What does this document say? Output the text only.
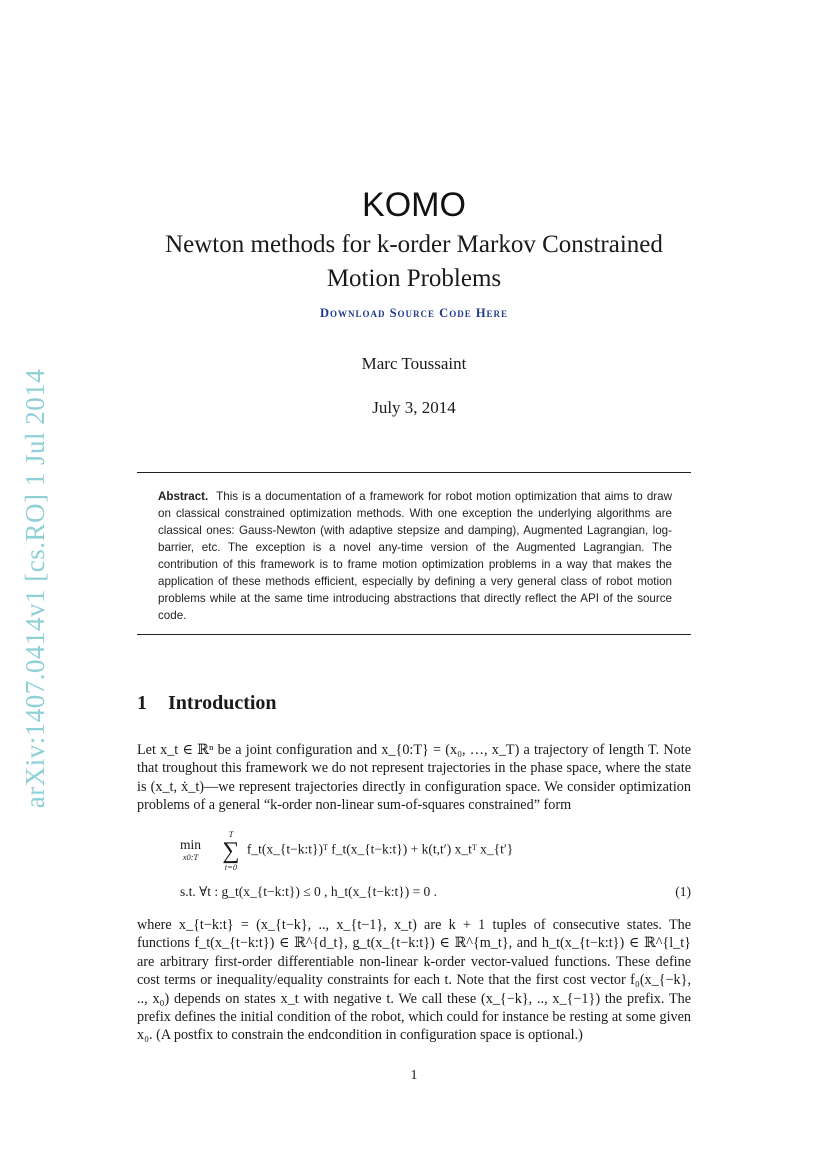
arXiv:1407.0414v1 [cs.RO] 1 Jul 2014
KOMO
Newton methods for k-order Markov Constrained
Motion Problems
Download Source Code Here
Marc Toussaint
July 3, 2014
Abstract. This is a documentation of a framework for robot motion optimization that aims to draw on classical constrained optimization methods. With one exception the underlying algorithms are classical ones: Gauss-Newton (with adaptive stepsize and damping), Augmented Lagrangian, log-barrier, etc. The exception is a novel any-time version of the Augmented Lagrangian. The contribution of this framework is to frame motion optimization problems in a way that makes the application of these methods efficient, especially by defining a very general class of robot motion problems while at the same time introducing abstractions that directly reflect the API of the source code.
1 Introduction
Let x_t ∈ ℝⁿ be a joint configuration and x_{0:T} = (x₀, …, x_T) a trajectory of length T. Note that troughout this framework we do not represent trajectories in the phase space, where the state is (x_t, ẋ_t)—we represent trajectories directly in configuration space. We consider optimization problems of a general “k-order non-linear sum-of-squares constrained” form
min
x0:T

T
∑
t=0
f_t(x_{t−k:t})ᵀ f_t(x_{t−k:t}) + k(t,t′) x_tᵀ x_{t′}
s.t. ∀t : g_t(x_{t−k:t}) ≤ 0 , h_t(x_{t−k:t}) = 0 .	(1)
where x_{t−k:t} = (x_{t−k}, .., x_{t−1}, x_t) are k + 1 tuples of consecutive states. The functions f_t(x_{t−k:t}) ∈ ℝ^{d_t}, g_t(x_{t−k:t}) ∈ ℝ^{m_t}, and h_t(x_{t−k:t}) ∈ ℝ^{l_t} are arbitrary first-order differentiable non-linear k-order vector-valued functions. These define cost terms or inequality/equality constraints for each t. Note that the first cost vector f₀(x_{−k}, .., x₀) depends on states x_t with negative t. We call these (x_{−k}, .., x_{−1}) the prefix. The prefix defines the initial condition of the robot, which could for instance be resting at some given x₀. (A postfix to constrain the endcondition in configuration space is optional.)
1
